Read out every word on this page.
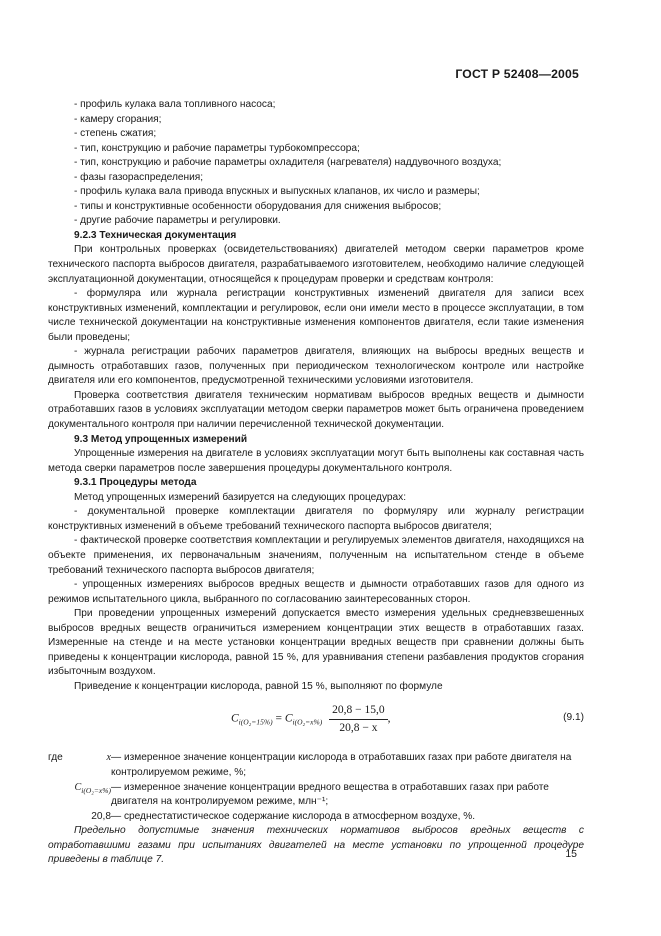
ГОСТ Р 52408—2005
- профиль кулака вала топливного насоса;
- камеру сгорания;
- степень сжатия;
- тип, конструкцию и рабочие параметры турбокомпрессора;
- тип, конструкцию и рабочие параметры охладителя (нагревателя) наддувочного воздуха;
- фазы газораспределения;
- профиль кулака вала привода впускных и выпускных клапанов, их число и размеры;
- типы и конструктивные особенности оборудования для снижения выбросов;
- другие рабочие параметры и регулировки.
9.2.3 Техническая документация
При контрольных проверках (освидетельствованиях) двигателей методом сверки параметров кроме технического паспорта выбросов двигателя, разрабатываемого изготовителем, необходимо наличие следующей эксплуатационной документации, относящейся к процедурам проверки и средствам контроля:
- формуляра или журнала регистрации конструктивных изменений двигателя для записи всех конструктивных изменений, комплектации и регулировок, если они имели место в процессе эксплуатации, в том числе технической документации на конструктивные изменения компонентов двигателя, если такие изменения были проведены;
- журнала регистрации рабочих параметров двигателя, влияющих на выбросы вредных веществ и дымность отработавших газов, полученных при периодическом технологическом контроле или настройке двигателя или его компонентов, предусмотренной техническими условиями изготовителя.
Проверка соответствия двигателя техническим нормативам выбросов вредных веществ и дымности отработавших газов в условиях эксплуатации методом сверки параметров может быть ограничена проведением документального контроля при наличии перечисленной технической документации.
9.3 Метод упрощенных измерений
Упрощенные измерения на двигателе в условиях эксплуатации могут быть выполнены как составная часть метода сверки параметров после завершения процедуры документального контроля.
9.3.1 Процедуры метода
Метод упрощенных измерений базируется на следующих процедурах:
- документальной проверке комплектации двигателя по формуляру или журналу регистрации конструктивных изменений в объеме требований технического паспорта выбросов двигателя;
- фактической проверке соответствия комплектации и регулируемых элементов двигателя, находящихся на объекте применения, их первоначальным значениям, полученным на испытательном стенде в объеме требований технического паспорта выбросов двигателя;
- упрощенных измерениях выбросов вредных веществ и дымности отработавших газов для одного из режимов испытательного цикла, выбранного по согласованию заинтересованных сторон.
При проведении упрощенных измерений допускается вместо измерения удельных средневзвешенных выбросов вредных веществ ограничиться измерением концентрации этих веществ в отработавших газах. Измеренные на стенде и на месте установки концентрации вредных веществ при сравнении должны быть приведены к концентрации кислорода, равной 15 %, для уравнивания степени разбавления продуктов сгорания избыточным воздухом.
Приведение к концентрации кислорода, равной 15 %, выполняют по формуле
$C_{i(O_2=15\%)} = C_{i(O_2=x\%)} \frac{20,8 - 15,0}{20,8 - x}$ ,	(9.1)
где	x — измеренное значение концентрации кислорода в отработавших газах при работе двигателя на контролируемом режиме, %;
$C_{i(O_2=x\%)}$ — измеренное значение концентрации вредного вещества в отработавших газах при работе двигателя на контролируемом режиме, млн⁻¹;
20,8 — среднестатистическое содержание кислорода в атмосферном воздухе, %.
Предельно допустимые значения технических нормативов выбросов вредных веществ с отработавшими газами при испытаниях двигателей на месте установки по упрощенной процедуре приведены в таблице 7.	15
